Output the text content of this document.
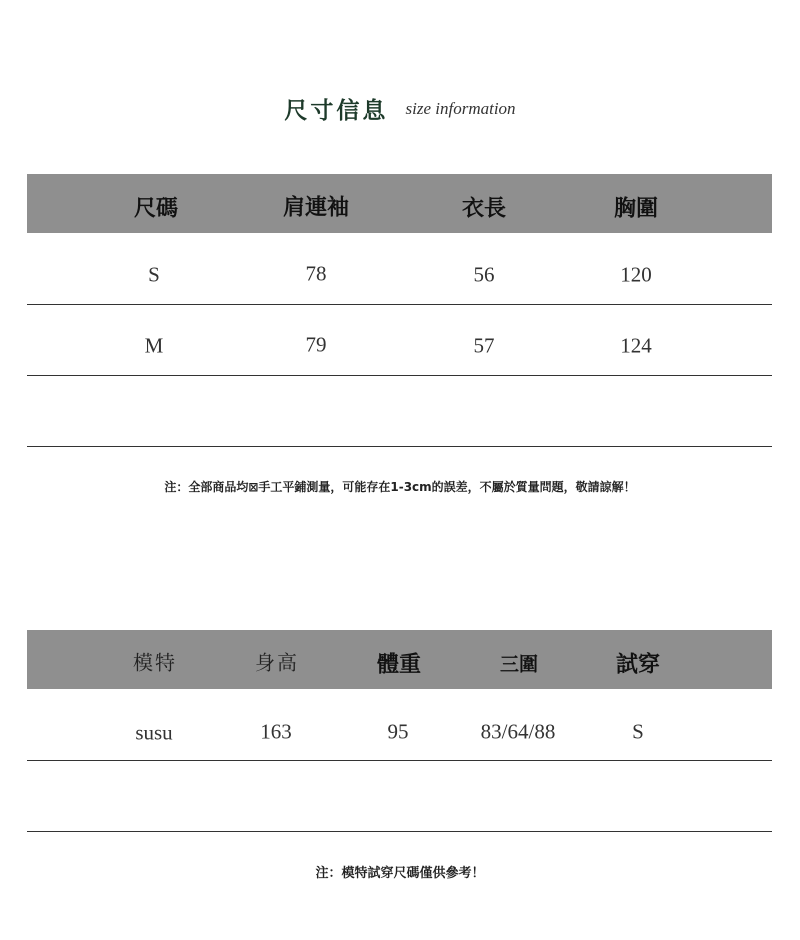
尺寸信息 size information
尺碼	肩連袖	衣長	胸圍
S	78	56	120
M	79	57	124
注：全部商品均⊠手工平鋪測量，可能存在1-3cm的誤差，不屬於質量問題，敬請諒解！
模特	身高	體重	三圍	試穿
susu	163	95	83/64/88	S
注：模特試穿尺碼僅供參考！
